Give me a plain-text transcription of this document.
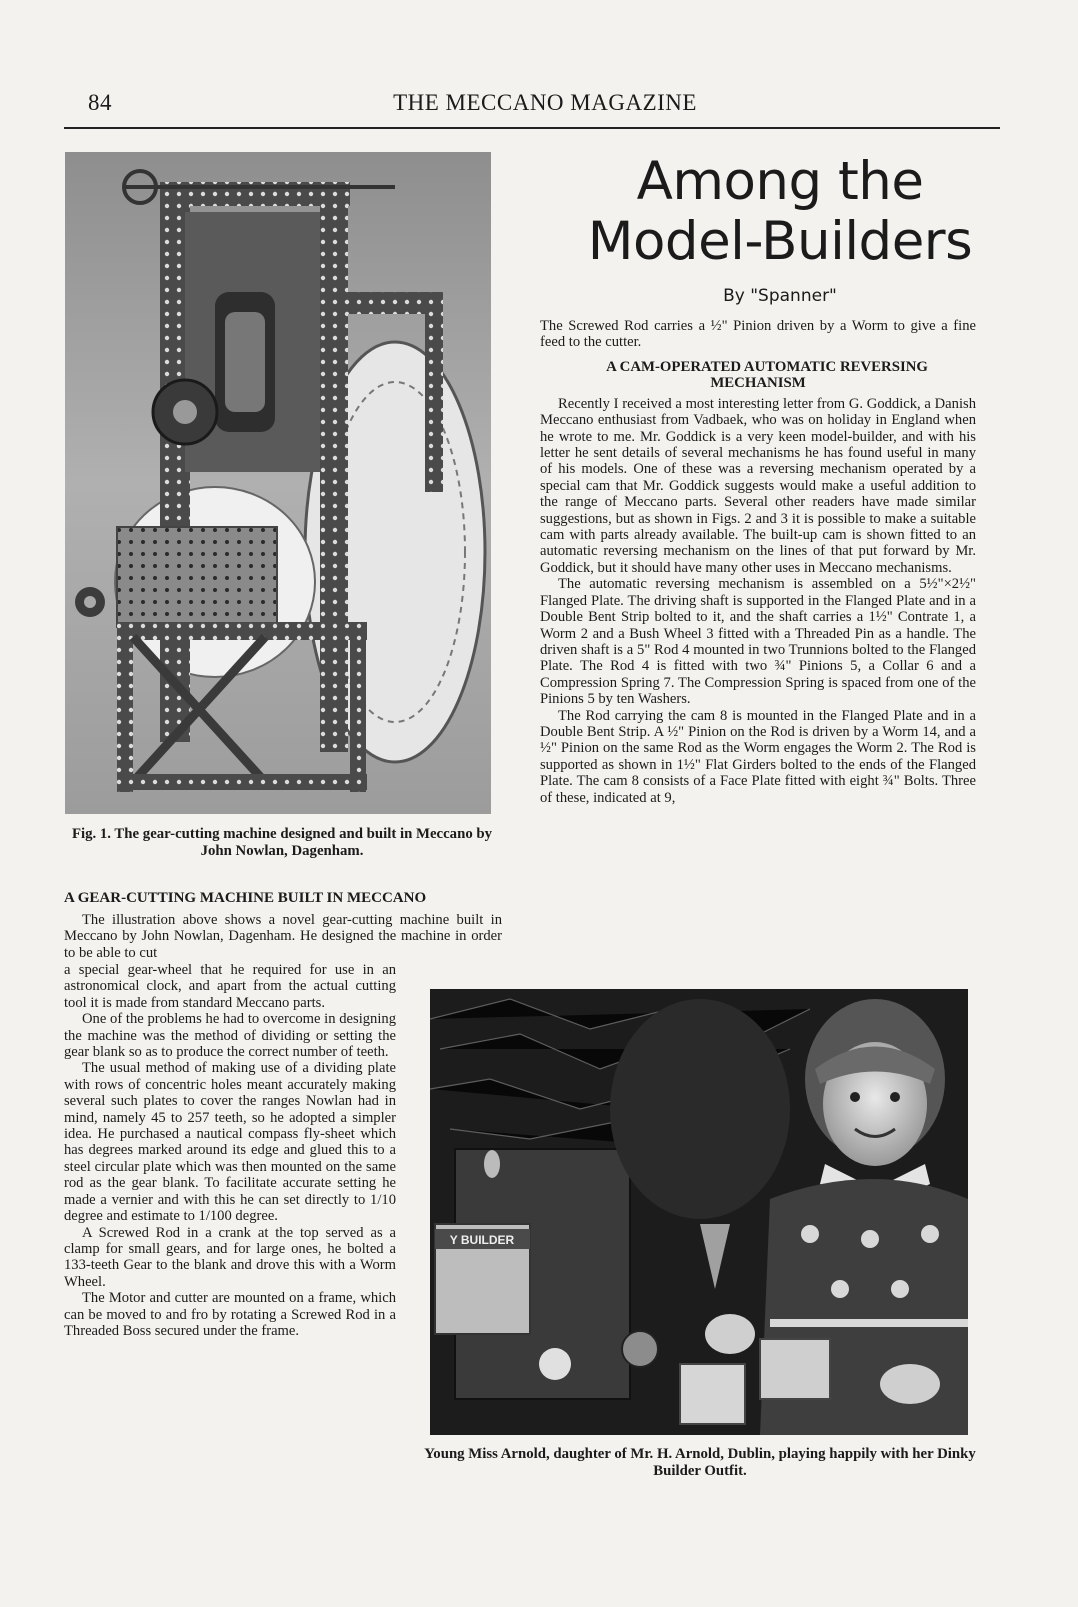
84	THE MECCANO MAGAZINE
Fig. 1. The gear-cutting machine designed and built in Meccano by John Nowlan, Dagenham.
Among the
Model-Builders
By "Spanner"

The Screwed Rod carries a ½" Pinion driven by a Worm to give a fine feed to the cutter.

A CAM-OPERATED AUTOMATIC REVERSING MECHANISM

Recently I received a most interesting letter from G. Goddick, a Danish Meccano enthusiast from Vadbaek, who was on holiday in England when he wrote to me. Mr. Goddick is a very keen model-builder, and with his letter he sent details of several mechanisms he has found useful in many of his models. One of these was a reversing mechanism operated by a special cam that Mr. Goddick suggests would make a useful addition to the range of Meccano parts. Several other readers have made similar suggestions, but as shown in Figs. 2 and 3 it is possible to make a suitable cam with parts already available. The built-up cam is shown fitted to an automatic reversing mechanism on the lines of that put forward by Mr. Goddick, but it should have many other uses in Meccano mechanisms.

The automatic reversing mechanism is assembled on a 5½"×2½" Flanged Plate. The driving shaft is supported in the Flanged Plate and in a Double Bent Strip bolted to it, and the shaft carries a 1½" Contrate 1, a Worm 2 and a Bush Wheel 3 fitted with a Threaded Pin as a handle. The driven shaft is a 5" Rod 4 mounted in two Trunnions bolted to the Flanged Plate. The Rod 4 is fitted with two ¾" Pinions 5, a Collar 6 and a Compression Spring 7. The Compression Spring is spaced from one of the Pinions 5 by ten Washers.

The Rod carrying the cam 8 is mounted in the Flanged Plate and in a Double Bent Strip. A ½" Pinion on the Rod is driven by a Worm 14, and a ½" Pinion on the same Rod as the Worm engages the Worm 2. The Rod is supported as shown in 1½" Flat Girders bolted to the ends of the Flanged Plate. The cam 8 consists of a Face Plate fitted with eight ¾" Bolts. Three of these, indicated at 9,

A GEAR-CUTTING MACHINE BUILT IN MECCANO

The illustration above shows a novel gear-cutting machine built in Meccano by John Nowlan, Dagenham. He designed the machine in order to be able to cut

a special gear-wheel that he required for use in an astronomical clock, and apart from the actual cutting tool it is made from standard Meccano parts.

One of the problems he had to overcome in designing the machine was the method of dividing or setting the gear blank so as to produce the correct number of teeth.

The usual method of making use of a dividing plate with rows of concentric holes meant accurately making several such plates to cover the ranges Nowlan had in mind, namely 45 to 257 teeth, so he adopted a simpler idea. He purchased a nautical compass fly-sheet which has degrees marked around its edge and glued this to a steel circular plate which was then mounted on the same rod as the gear blank. To facilitate accurate setting he made a vernier and with this he can set directly to 1/10 degree and estimate to 1/100 degree.

A Screwed Rod in a crank at the top served as a clamp for small gears, and for large ones, he bolted a 133-teeth Gear to the blank and drove this with a Worm Wheel.

The Motor and cutter are mounted on a frame, which can be moved to and fro by rotating a Screwed Rod in a Threaded Boss secured under the frame.

Y BUILDER
Young Miss Arnold, daughter of Mr. H. Arnold, Dublin, playing happily with her Dinky Builder Outfit.
